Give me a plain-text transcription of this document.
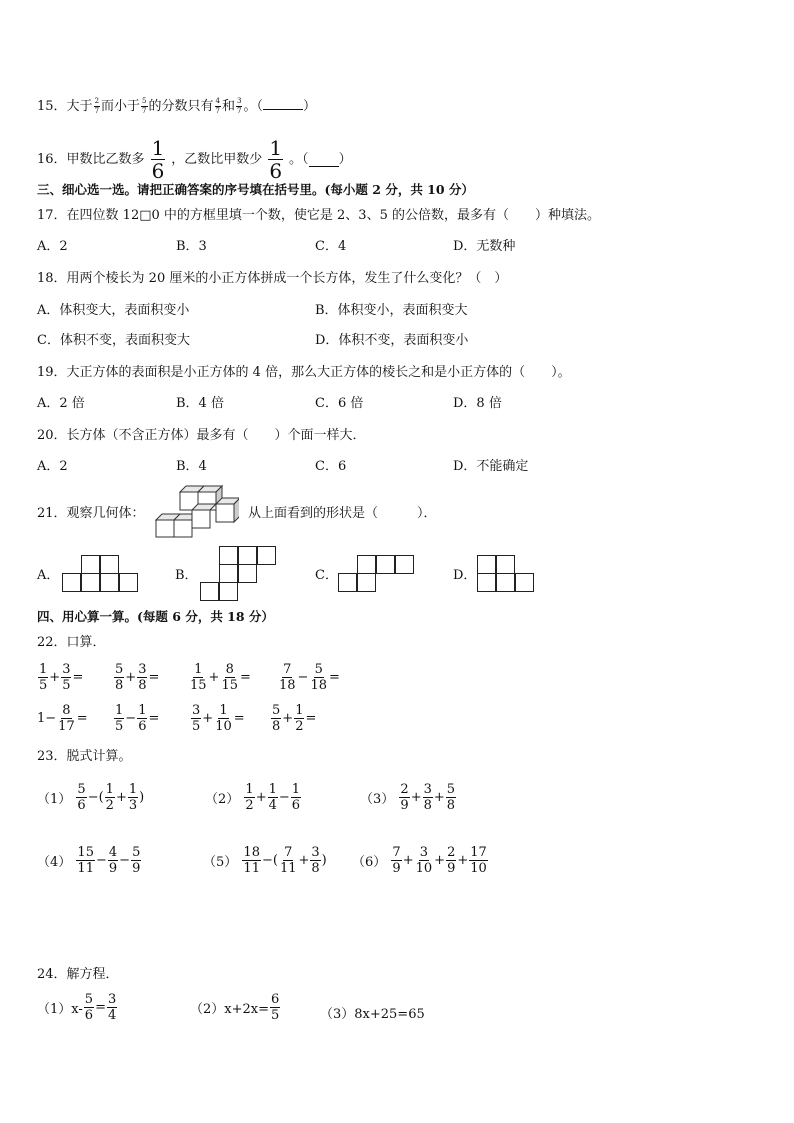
15．大于 $\frac{2}{7}$ 而小于 $\frac{5}{7}$ 的分数只有 $\frac{4}{7}$ 和 $\frac{3}{7}$ 。（	）
16． 甲数比乙数多 $\frac{1}{6}$ ，乙数比甲数少 $\frac{1}{6}$ 。（ ）
三、细心选一选。请把正确答案的序号填在括号里。(每小题 2 分，共 10 分）
17．在四位数 12□0 中的方框里填一个数，使它是 2、3、5 的公倍数，最多有（　　）种填法。
A．2	B．3	C．4	D．无数种
18．用两个棱长为 20 厘米的小正方体拼成一个长方体，发生了什么变化？（　）
A．体积变大，表面积变小	B．体积变小，表面积变大
C．体积不变，表面积变大	D．体积不变，表面积变小
19．大正方体的表面积是小正方体的 4 倍，那么大正方体的棱长之和是小正方体的（　　）。
A．2 倍	B．4 倍	C．6 倍	D．8 倍
20．长方体（不含正方体）最多有（　　）个面一样大．
A．2	B．4	C．6	D．不能确定
21．观察几何体：	从上面看到的形状是（　　　）．
A．	B．	C．	D．
四、用心算一算。(每题 6 分，共 18 分）
22．口算．
23．脱式计算。
24．解方程．
$\frac{1}{5} + \frac{3}{5} = \frac{5}{8} + \frac{3}{8} = \frac{1}{15} + \frac{8}{15} = \frac{7}{18} - \frac{5}{18}$ =
$1- \frac{8}{17} = \frac{1}{5} - \frac{1}{6} = \frac{3}{5} + \frac{1}{10} = \frac{5}{8} + \frac{1}{2}$ =
（1）
$\frac{5}{6}$ −( $\frac{1}{2} + \frac{1}{3}$ )	（2）
$\frac{1}{2} + \frac{1}{4} - \frac{1}{6}$	（3）
$\frac{2}{9} + \frac{3}{8} + \frac{5}{8}$
（4）
$\frac{15}{11} - \frac{4}{9} - \frac{5}{9}$	（5）
$\frac{18}{11}$ −( $\frac{7}{11} + \frac{3}{8}$ ) （6）
$\frac{7}{9} + \frac{3}{10} + \frac{2}{9} + \frac{17}{10}$
$(1)x- \frac{5}{6} = \frac{3}{4}$	$(2)x+2x= \frac{6}{5}$	（3）8x+25=65
